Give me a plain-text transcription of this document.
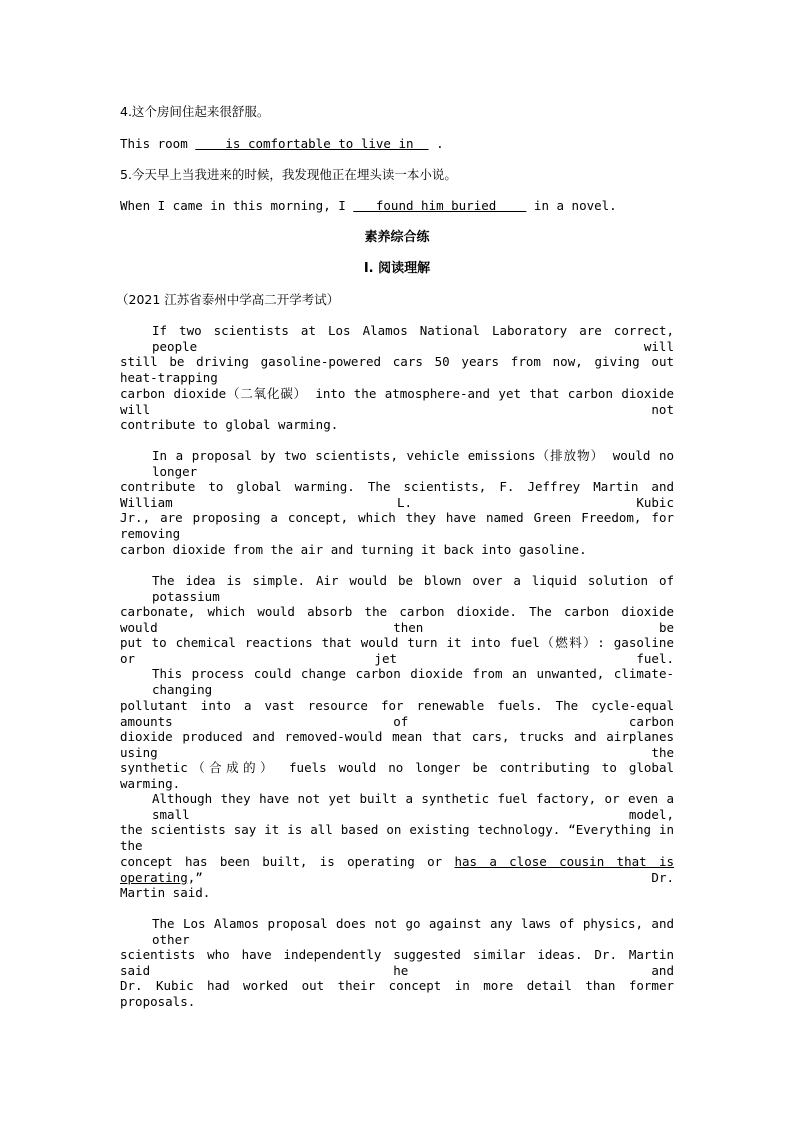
4.这个房间住起来很舒服。
This room     is comfortable to live in   .
5.今天早上当我进来的时候，我发现他正在埋头读一本小说。
When I came in this morning, I    found him buried     in a novel.
素养综合练
Ⅰ. 阅读理解
（2021 江苏省泰州中学高二开学考试）
If two scientists at Los Alamos National Laboratory are correct, people will
still be driving gasoline-powered cars 50 years from now, giving out heat-trapping
carbon dioxide（二氧化碳） into the atmosphere-and yet that carbon dioxide will not
contribute to global warming.
In a proposal by two scientists, vehicle emissions（排放物） would no longer
contribute to global warming. The scientists, F. Jeffrey Martin and William L. Kubic
Jr., are proposing a concept, which they have named Green Freedom, for removing
carbon dioxide from the air and turning it back into gasoline.
The idea is simple. Air would be blown over a liquid solution of potassium
carbonate, which would absorb the carbon dioxide. The carbon dioxide would then be
put to chemical reactions that would turn it into fuel（燃料）: gasoline or jet fuel.
This process could change carbon dioxide from an unwanted, climate-changing
pollutant into a vast resource for renewable fuels. The cycle-equal amounts of carbon
dioxide produced and removed-would mean that cars, trucks and airplanes using the
synthetic（合成的） fuels would no longer be contributing to global warming.
Although they have not yet built a synthetic fuel factory, or even a small model,
the scientists say it is all based on existing technology. “Everything in the
concept has been built, is operating or has a close cousin that is operating,” Dr.
Martin said.
The Los Alamos proposal does not go against any laws of physics, and other
scientists who have independently suggested similar ideas. Dr. Martin said he and
Dr. Kubic had worked out their concept in more detail than former proposals.
